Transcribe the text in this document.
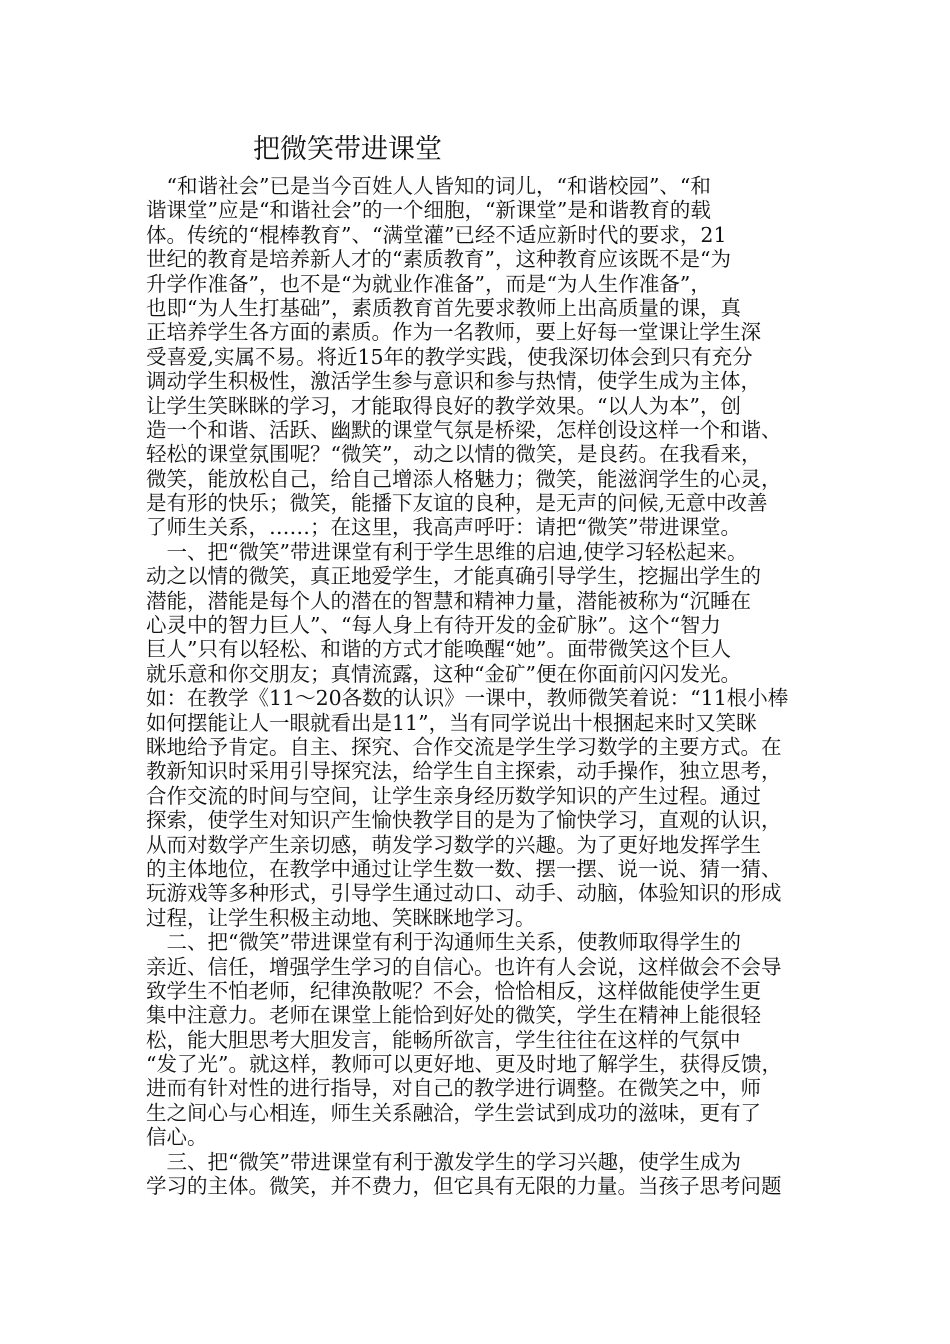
把微笑带进课堂
　“和谐社会”已是当今百姓人人皆知的词儿，“和谐校园”、“和
谐课堂”应是“和谐社会”的一个细胞，“新课堂”是和谐教育的载
体。传统的“棍棒教育”、“满堂灌”已经不适应新时代的要求，21
世纪的教育是培养新人才的“素质教育”，这种教育应该既不是“为
升学作准备”，也不是“为就业作准备”，而是“为人生作准备”，
也即“为人生打基础”，素质教育首先要求教师上出高质量的课，真
正培养学生各方面的素质。作为一名教师，要上好每一堂课让学生深
受喜爱,实属不易。将近15年的教学实践，使我深切体会到只有充分
调动学生积极性，激活学生参与意识和参与热情，使学生成为主体，
让学生笑眯眯的学习，才能取得良好的教学效果。“以人为本”，创
造一个和谐、活跃、幽默的课堂气氛是桥梁，怎样创设这样一个和谐、
轻松的课堂氛围呢？“微笑”，动之以情的微笑，是良药。在我看来，
微笑，能放松自己，给自己增添人格魅力；微笑，能滋润学生的心灵，
是有形的快乐；微笑，能播下友谊的良种，是无声的问候,无意中改善
了师生关系，……；在这里，我高声呼吁：请把“微笑”带进课堂。
　一、把“微笑”带进课堂有利于学生思维的启迪,使学习轻松起来。
动之以情的微笑，真正地爱学生，才能真确引导学生，挖掘出学生的
潜能，潜能是每个人的潜在的智慧和精神力量，潜能被称为“沉睡在
心灵中的智力巨人”、“每人身上有待开发的金矿脉”。这个“智力
巨人”只有以轻松、和谐的方式才能唤醒“她”。面带微笑这个巨人
就乐意和你交朋友；真情流露，这种“金矿”便在你面前闪闪发光。
如：在教学《11～20各数的认识》一课中，教师微笑着说：“11根小棒
如何摆能让人一眼就看出是11”，当有同学说出十根捆起来时又笑眯
眯地给予肯定。自主、探究、合作交流是学生学习数学的主要方式。在
教新知识时采用引导探究法，给学生自主探索，动手操作，独立思考，
合作交流的时间与空间，让学生亲身经历数学知识的产生过程。通过
探索，使学生对知识产生愉快教学目的是为了愉快学习，直观的认识，
从而对数学产生亲切感，萌发学习数学的兴趣。为了更好地发挥学生
的主体地位，在教学中通过让学生数一数、摆一摆、说一说、猜一猜、
玩游戏等多种形式，引导学生通过动口、动手、动脑，体验知识的形成
过程，让学生积极主动地、笑眯眯地学习。
　二、把“微笑”带进课堂有利于沟通师生关系，使教师取得学生的
亲近、信任，增强学生学习的自信心。也许有人会说，这样做会不会导
致学生不怕老师，纪律涣散呢？不会，恰恰相反，这样做能使学生更
集中注意力。老师在课堂上能恰到好处的微笑，学生在精神上能很轻
松，能大胆思考大胆发言，能畅所欲言，学生往往在这样的气氛中
“发了光”。就这样，教师可以更好地、更及时地了解学生，获得反馈，
进而有针对性的进行指导，对自己的教学进行调整。在微笑之中，师
生之间心与心相连，师生关系融洽，学生尝试到成功的滋味，更有了
信心。
　三、把“微笑”带进课堂有利于激发学生的学习兴趣，使学生成为
学习的主体。微笑，并不费力，但它具有无限的力量。当孩子思考问题
